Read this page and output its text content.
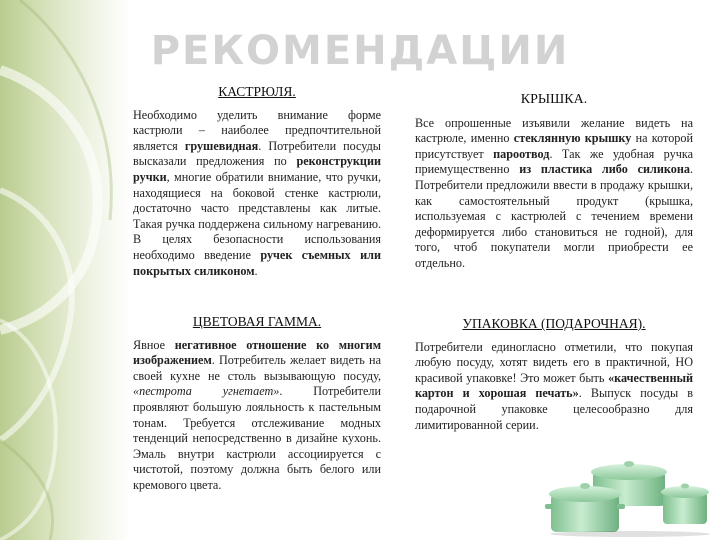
РЕКОМЕНДАЦИИ
КАСТРЮЛЯ.

Необходимо уделить внимание форме кастрюли – наиболее предпочтительной является грушевидная. Потребители посуды высказали предложения по реконструкции ручки, многие обратили внимание, что ручки, находящиеся на боковой стенке кастрюли, достаточно часто представлены как литые. Такая ручка поддержена сильному нагреванию. В целях безопасности использования необходимо введение ручек съемных или покрытых силиконом.

КРЫШКА.

Все опрошенные изъявили желание видеть на кастрюле, именно стеклянную крышку на которой присутствует пароотвод. Так же удобная ручка приемущественно из пластика либо силикона. Потребители предложили ввести в продажу крышки, как самостоятельный продукт (крышка, используемая с кастрюлей с течением времени деформируется либо становиться не годной), для того, чтоб покупатели могли приобрести ее отдельно.

ЦВЕТОВАЯ ГАММА.

Явное негативное отношение ко многим изображением. Потребитель желает видеть на своей кухне не столь вызывающую посуду, «пестрота угнетает». Потребители проявляют большую лояльность к пастельным тонам. Требуется отслеживание модных тенденций непосредственно в дизайне кухонь. Эмаль внутри кастрюли ассоциируется с чистотой, поэтому должна быть белого или кремового цвета.

УПАКОВКА (ПОДАРОЧНАЯ).

Потребители единогласно отметили, что покупая любую посуду, хотят видеть его в практичной, НО красивой упаковке! Это может быть «качественный картон и хорошая печать». Выпуск посуды в подарочной упаковке целесообразно для лимитированной серии.
